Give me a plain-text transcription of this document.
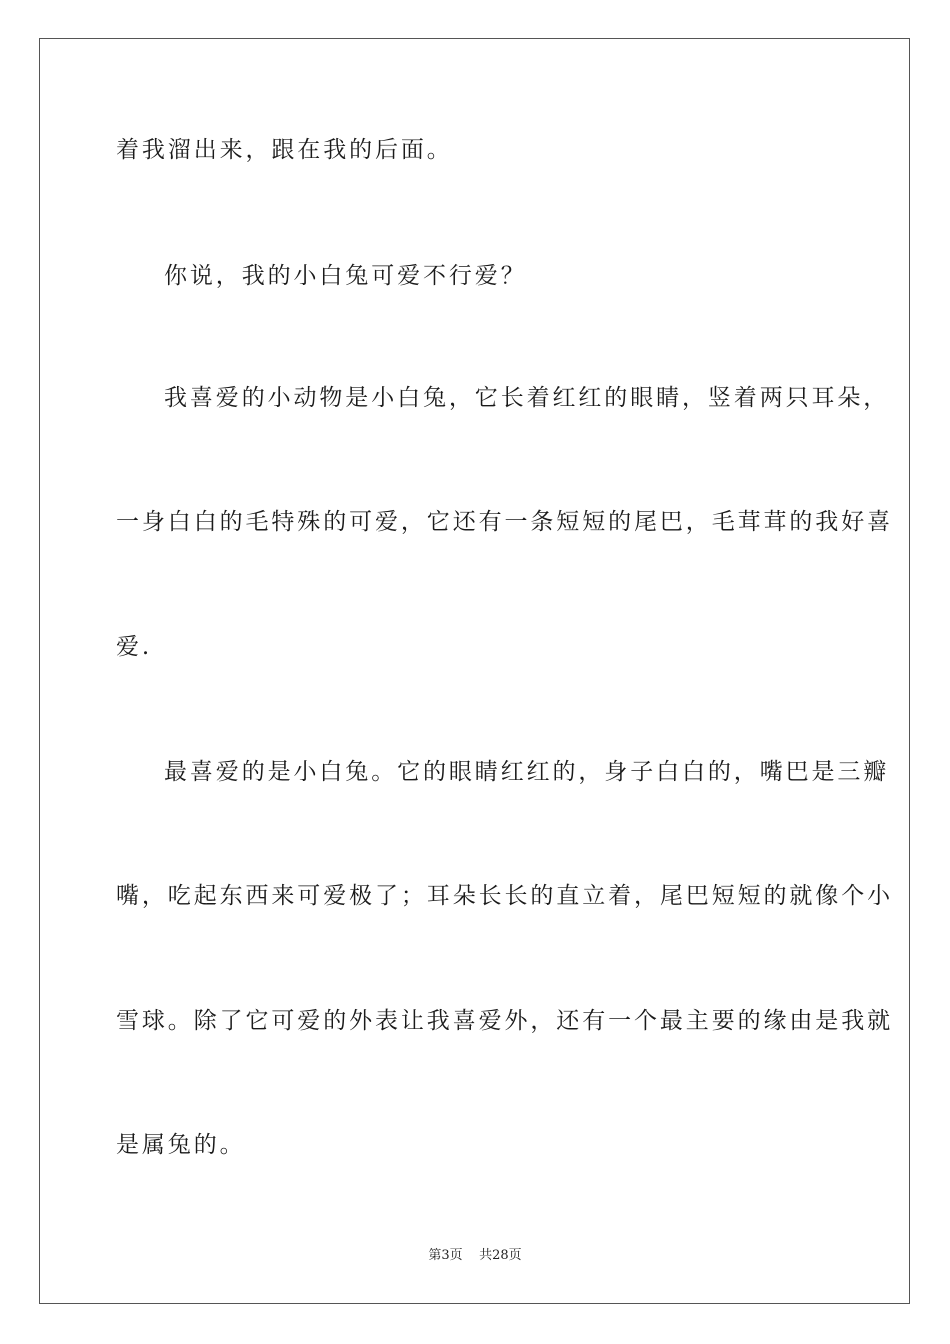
着我溜出来，跟在我的后面。
你说，我的小白兔可爱不行爱？
我喜爱的小动物是小白兔，它长着红红的眼睛，竖着两只耳朵，
一身白白的毛特殊的可爱，它还有一条短短的尾巴，毛茸茸的我好喜
爱.
最喜爱的是小白兔。它的眼睛红红的，身子白白的，嘴巴是三瓣
嘴，吃起东西来可爱极了；耳朵长长的直立着，尾巴短短的就像个小
雪球。除了它可爱的外表让我喜爱外，还有一个最主要的缘由是我就
是属兔的。
第3页 共28页
